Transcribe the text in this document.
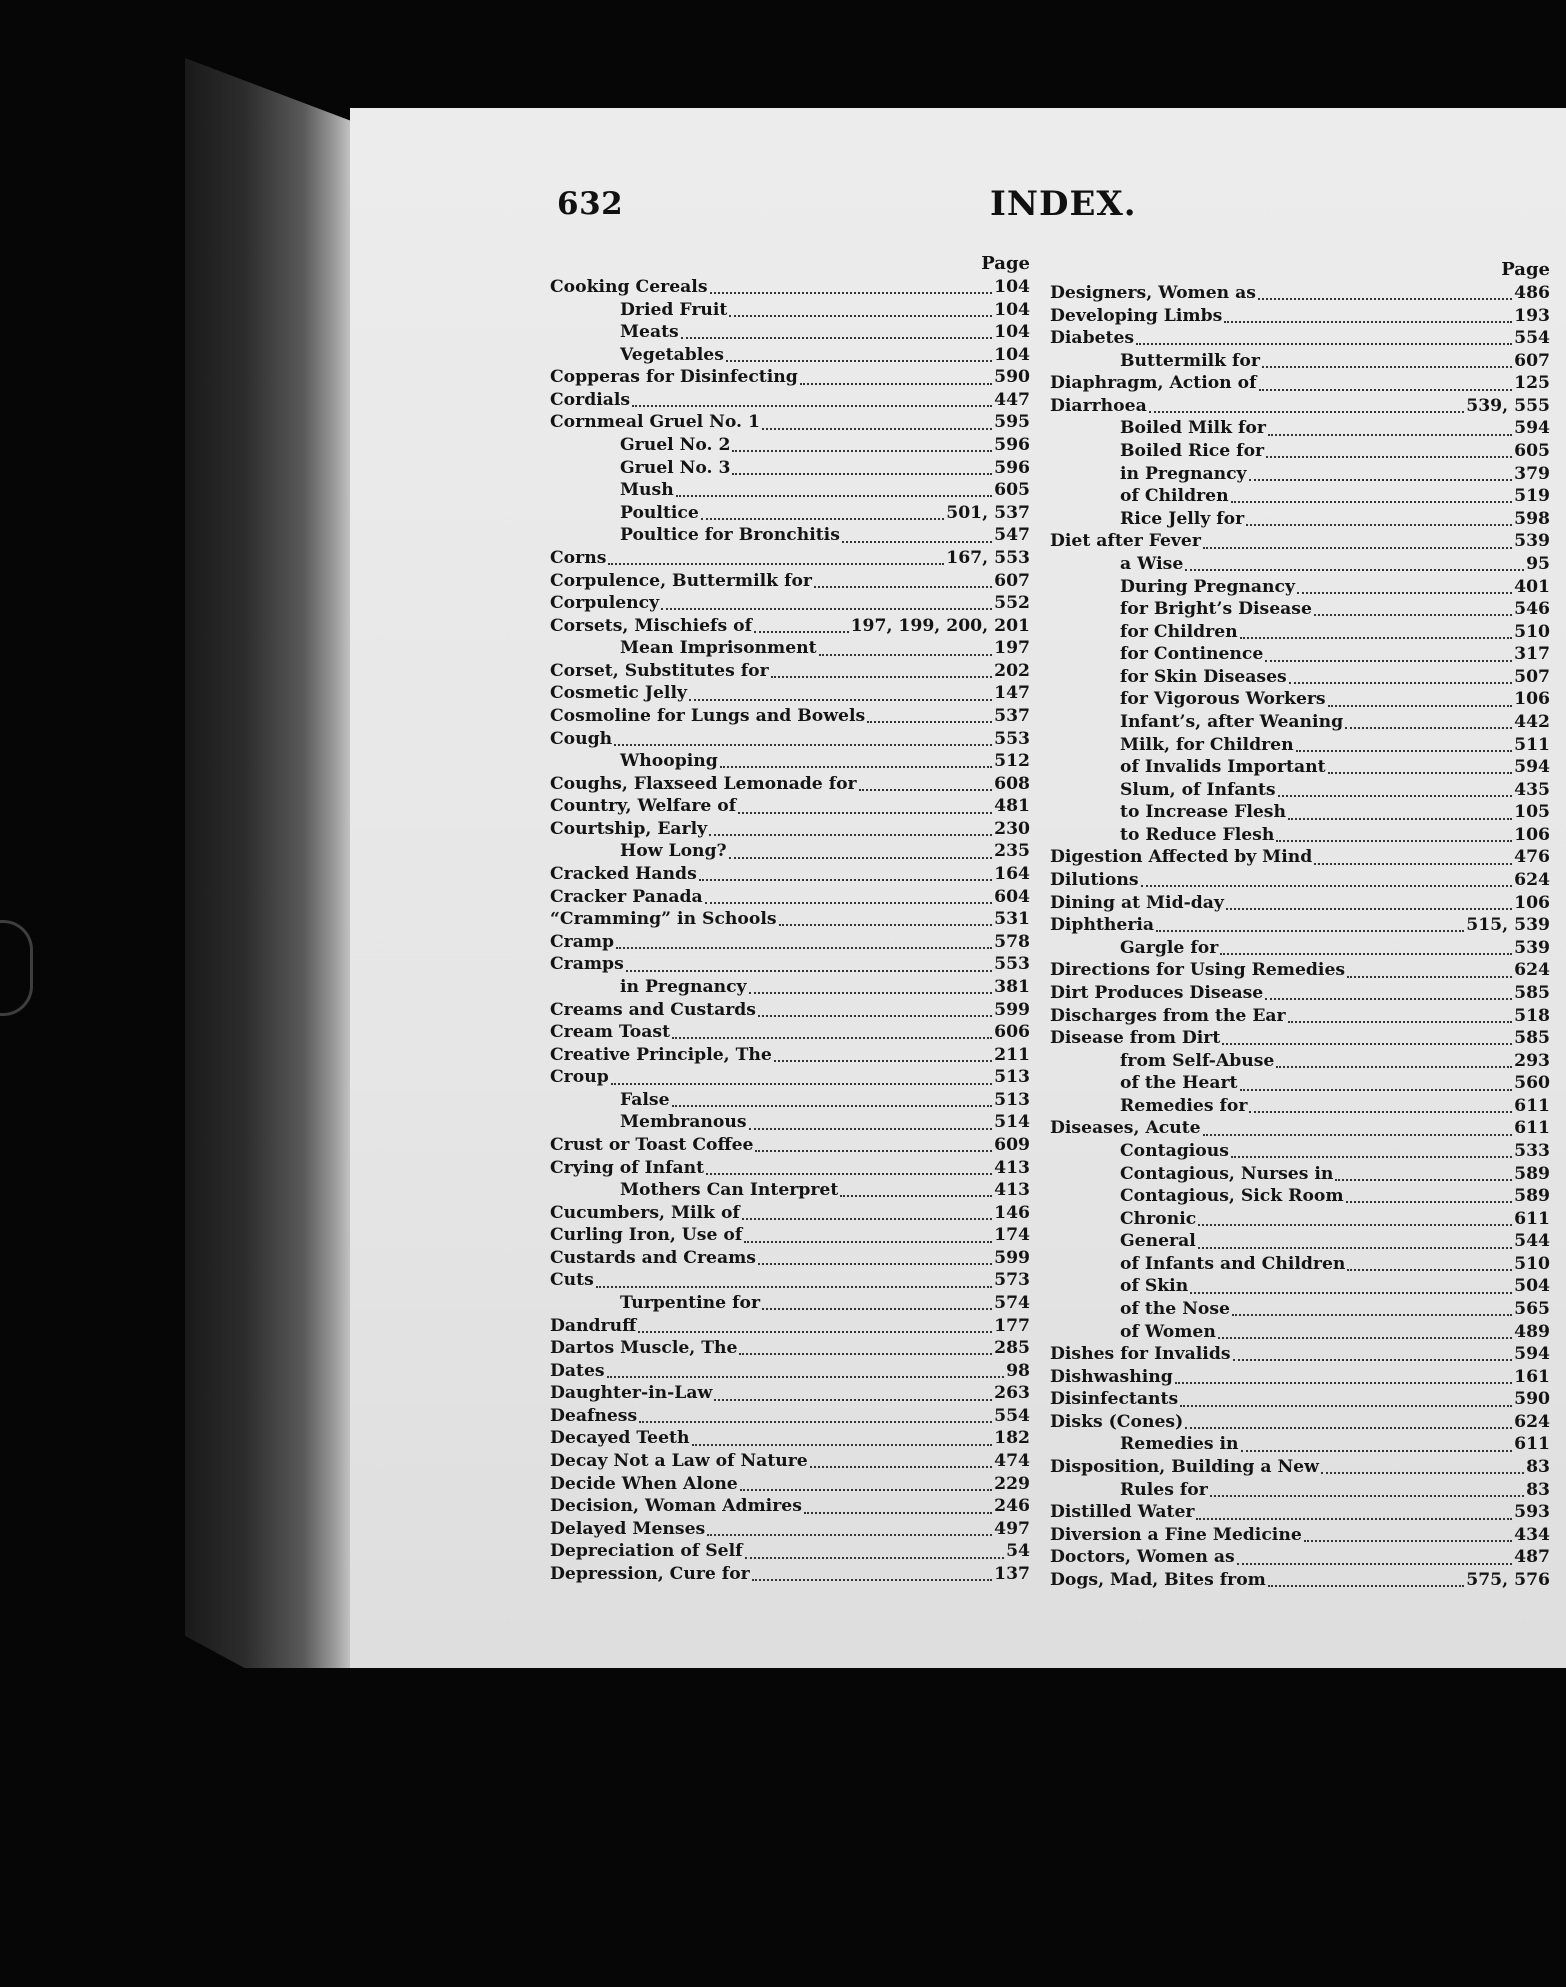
632	INDEX.
Page
Cooking Cereals	104
Dried Fruit	104
Meats	104
Vegetables	104
Copperas for Disinfecting	590
Cordials	447
Cornmeal Gruel No. 1	595
Gruel No. 2	596
Gruel No. 3	596
Mush	605
Poultice	501, 537
Poultice for Bronchitis	547
Corns	167, 553
Corpulence, Buttermilk for	607
Corpulency	552
Corsets, Mischiefs of	197, 199, 200, 201
Mean Imprisonment	197
Corset, Substitutes for	202
Cosmetic Jelly	147
Cosmoline for Lungs and Bowels	537
Cough	553
Whooping	512
Coughs, Flaxseed Lemonade for	608
Country, Welfare of	481
Courtship, Early	230
How Long?	235
Cracked Hands	164
Cracker Panada	604
“Cramming” in Schools	531
Cramp	578
Cramps	553
in Pregnancy	381
Creams and Custards	599
Cream Toast	606
Creative Principle, The	211
Croup	513
False	513
Membranous	514
Crust or Toast Coffee	609
Crying of Infant	413
Mothers Can Interpret	413
Cucumbers, Milk of	146
Curling Iron, Use of	174
Custards and Creams	599
Cuts	573
Turpentine for	574
Dandruff	177
Dartos Muscle, The	285
Dates	98
Daughter-in-Law	263
Deafness	554
Decayed Teeth	182
Decay Not a Law of Nature	474
Decide When Alone	229
Decision, Woman Admires	246
Delayed Menses	497
Depreciation of Self	54
Depression, Cure for	137
Page
Designers, Women as	486
Developing Limbs	193
Diabetes	554
Buttermilk for	607
Diaphragm, Action of	125
Diarrhoea	539, 555
Boiled Milk for	594
Boiled Rice for	605
in Pregnancy	379
of Children	519
Rice Jelly for	598
Diet after Fever	539
a Wise	95
During Pregnancy	401
for Bright’s Disease	546
for Children	510
for Continence	317
for Skin Diseases	507
for Vigorous Workers	106
Infant’s, after Weaning	442
Milk, for Children	511
of Invalids Important	594
Slum, of Infants	435
to Increase Flesh	105
to Reduce Flesh	106
Digestion Affected by Mind	476
Dilutions	624
Dining at Mid-day	106
Diphtheria	515, 539
Gargle for	539
Directions for Using Remedies	624
Dirt Produces Disease	585
Discharges from the Ear	518
Disease from Dirt	585
from Self-Abuse	293
of the Heart	560
Remedies for	611
Diseases, Acute	611
Contagious	533
Contagious, Nurses in	589
Contagious, Sick Room	589
Chronic	611
General	544
of Infants and Children	510
of Skin	504
of the Nose	565
of Women	489
Dishes for Invalids	594
Dishwashing	161
Disinfectants	590
Disks (Cones)	624
Remedies in	611
Disposition, Building a New	83
Rules for	83
Distilled Water	593
Diversion a Fine Medicine	434
Doctors, Women as	487
Dogs, Mad, Bites from	575, 576
